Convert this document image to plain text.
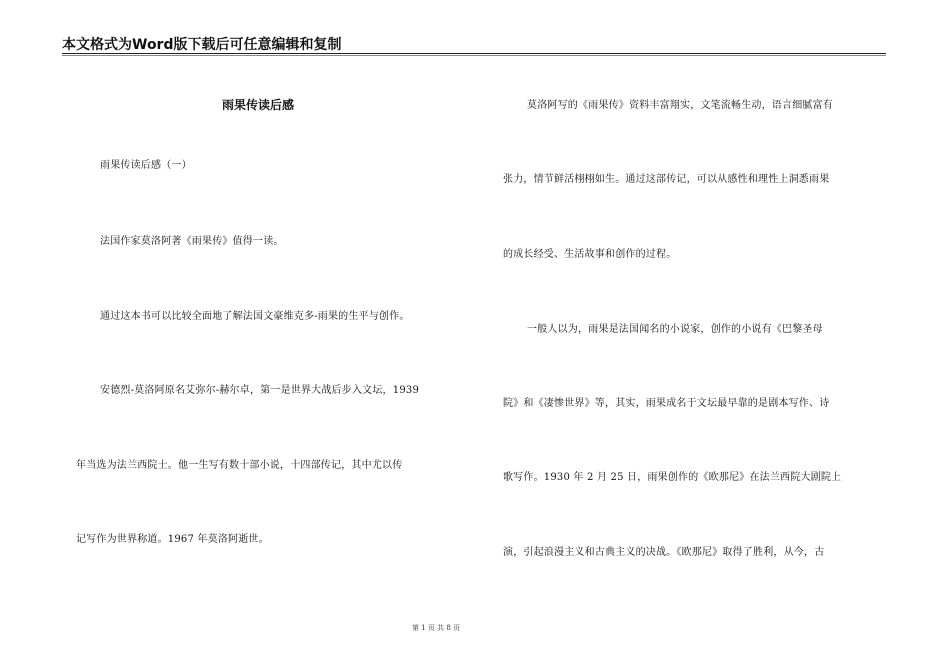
本文格式为Word版下载后可任意编辑和复制
雨果传读后感
雨果传读后感（一）
法国作家莫洛阿著《雨果传》值得一读。
通过这本书可以比较全面地了解法国文豪维克多-雨果的生平与创作。
安德烈-莫洛阿原名艾弥尔-赫尔卓，第一是世界大战后步入文坛，1939
年当选为法兰西院士。他一生写有数十部小说，十四部传记，其中尤以传
记写作为世界称道。1967 年莫洛阿逝世。
莫洛阿写的《雨果传》资料丰富翔实，文笔流畅生动，语言细腻富有
张力，情节鲜活栩栩如生。通过这部传记，可以从感性和理性上洞悉雨果
的成长经受、生活故事和创作的过程。
一般人以为，雨果是法国闻名的小说家，创作的小说有《巴黎圣母
院》和《凄惨世界》等，其实，雨果成名于文坛最早靠的是剧本写作、诗
歌写作。1930 年 2 月 25 日，雨果创作的《欧那尼》在法兰西院大剧院上
演，引起浪漫主义和古典主义的决战。《欧那尼》取得了胜利，从今，古
第 1 页 共 8 页
